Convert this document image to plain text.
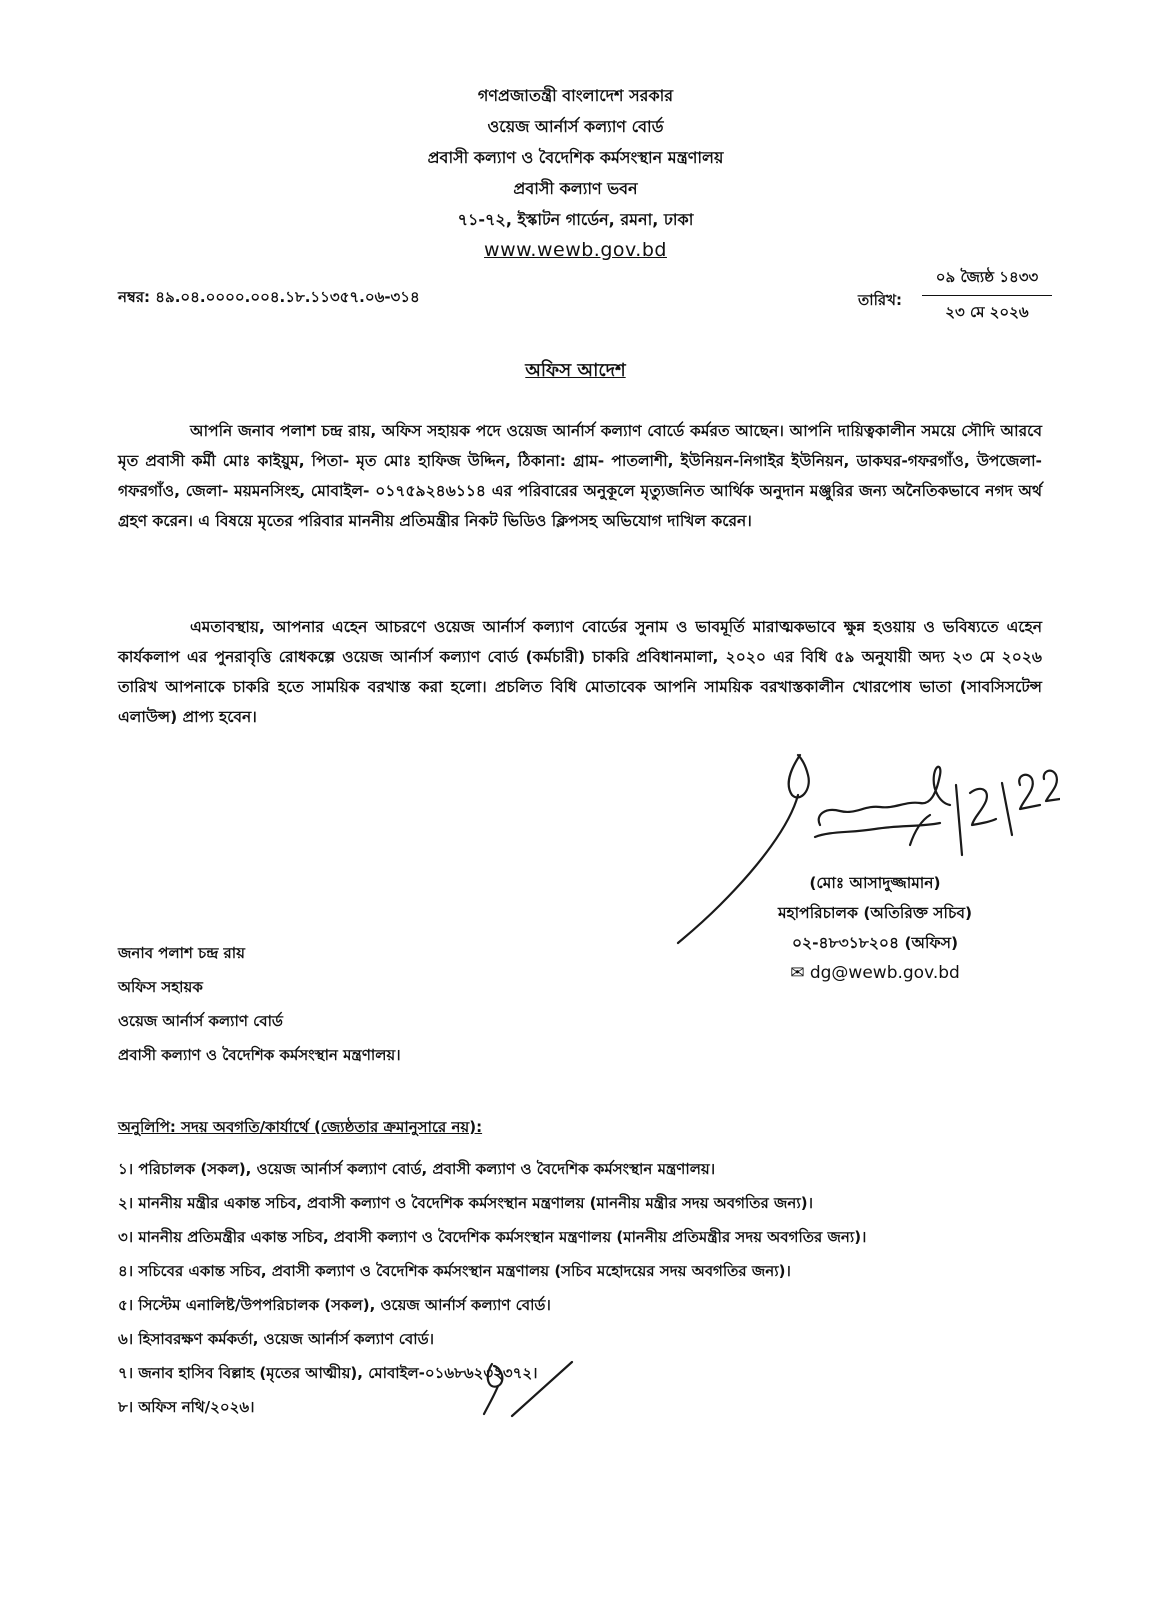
গণপ্রজাতন্ত্রী বাংলাদেশ সরকার
ওয়েজ আর্নার্স কল্যাণ বোর্ড
প্রবাসী কল্যাণ ও বৈদেশিক কর্মসংস্থান মন্ত্রণালয়
প্রবাসী কল্যাণ ভবন
৭১-৭২, ইস্কাটন গার্ডেন, রমনা, ঢাকা
www.wewb.gov.bd
নম্বর: ৪৯.০৪.০০০০.০০৪.১৮.১১৩৫৭.০৬-৩১৪	তারিখ:
০৯ জ্যৈষ্ঠ ১৪৩৩
২৩ মে ২০২৬
অফিস আদেশ
আপনি জনাব পলাশ চন্দ্র রায়, অফিস সহায়ক পদে ওয়েজ আর্নার্স কল্যাণ বোর্ডে কর্মরত আছেন। আপনি দায়িত্বকালীন সময়ে সৌদি আরবে মৃত প্রবাসী কর্মী মোঃ কাইয়ুম, পিতা- মৃত মোঃ হাফিজ উদ্দিন, ঠিকানা: গ্রাম- পাতলাশী, ইউনিয়ন-নিগাইর ইউনিয়ন, ডাকঘর-গফরগাঁও, উপজেলা-গফরগাঁও, জেলা- ময়মনসিংহ, মোবাইল- ০১৭৫৯২৪৬১১৪ এর পরিবারের অনুকূলে মৃত্যুজনিত আর্থিক অনুদান মঞ্জুরির জন্য অনৈতিকভাবে নগদ অর্থ গ্রহণ করেন। এ বিষয়ে মৃতের পরিবার মাননীয় প্রতিমন্ত্রীর নিকট ভিডিও ক্লিপসহ অভিযোগ দাখিল করেন।
এমতাবস্থায়, আপনার এহেন আচরণে ওয়েজ আর্নার্স কল্যাণ বোর্ডের সুনাম ও ভাবমূর্তি মারাত্মকভাবে ক্ষুন্ন হওয়ায় ও ভবিষ্যতে এহেন কার্যকলাপ এর পুনরাবৃত্তি রোধকল্পে ওয়েজ আর্নার্স কল্যাণ বোর্ড (কর্মচারী) চাকরি প্রবিধানমালা, ২০২০ এর বিধি ৫৯ অনুযায়ী অদ্য ২৩ মে ২০২৬ তারিখ আপনাকে চাকরি হতে সাময়িক বরখাস্ত করা হলো। প্রচলিত বিধি মোতাবেক আপনি সাময়িক বরখাস্তকালীন খোরপোষ ভাতা (সাবসিসটেন্স এলাউন্স) প্রাপ্য হবেন।
(মোঃ আসাদুজ্জামান)
মহাপরিচালক (অতিরিক্ত সচিব)
০২-৪৮৩১৮২০৪ (অফিস)
✉ dg@wewb.gov.bd
জনাব পলাশ চন্দ্র রায়
অফিস সহায়ক
ওয়েজ আর্নার্স কল্যাণ বোর্ড
প্রবাসী কল্যাণ ও বৈদেশিক কর্মসংস্থান মন্ত্রণালয়।
অনুলিপি: সদয় অবগতি/কার্যার্থে (জ্যেষ্ঠতার ক্রমানুসারে নয়):
১। পরিচালক (সকল), ওয়েজ আর্নার্স কল্যাণ বোর্ড, প্রবাসী কল্যাণ ও বৈদেশিক কর্মসংস্থান মন্ত্রণালয়।
২। মাননীয় মন্ত্রীর একান্ত সচিব, প্রবাসী কল্যাণ ও বৈদেশিক কর্মসংস্থান মন্ত্রণালয় (মাননীয় মন্ত্রীর সদয় অবগতির জন্য)।
৩। মাননীয় প্রতিমন্ত্রীর একান্ত সচিব, প্রবাসী কল্যাণ ও বৈদেশিক কর্মসংস্থান মন্ত্রণালয় (মাননীয় প্রতিমন্ত্রীর সদয় অবগতির জন্য)।
৪। সচিবের একান্ত সচিব, প্রবাসী কল্যাণ ও বৈদেশিক কর্মসংস্থান মন্ত্রণালয় (সচিব মহোদয়ের সদয় অবগতির জন্য)।
৫। সিস্টেম এনালিষ্ট/উপপরিচালক (সকল), ওয়েজ আর্নার্স কল্যাণ বোর্ড।
৬। হিসাবরক্ষণ কর্মকর্তা, ওয়েজ আর্নার্স কল্যাণ বোর্ড।
৭। জনাব হাসিব বিল্লাহ (মৃতের আত্মীয়), মোবাইল-০১৬৮৬২৩২৩৭২।
৮। অফিস নথি/২০২৬।
